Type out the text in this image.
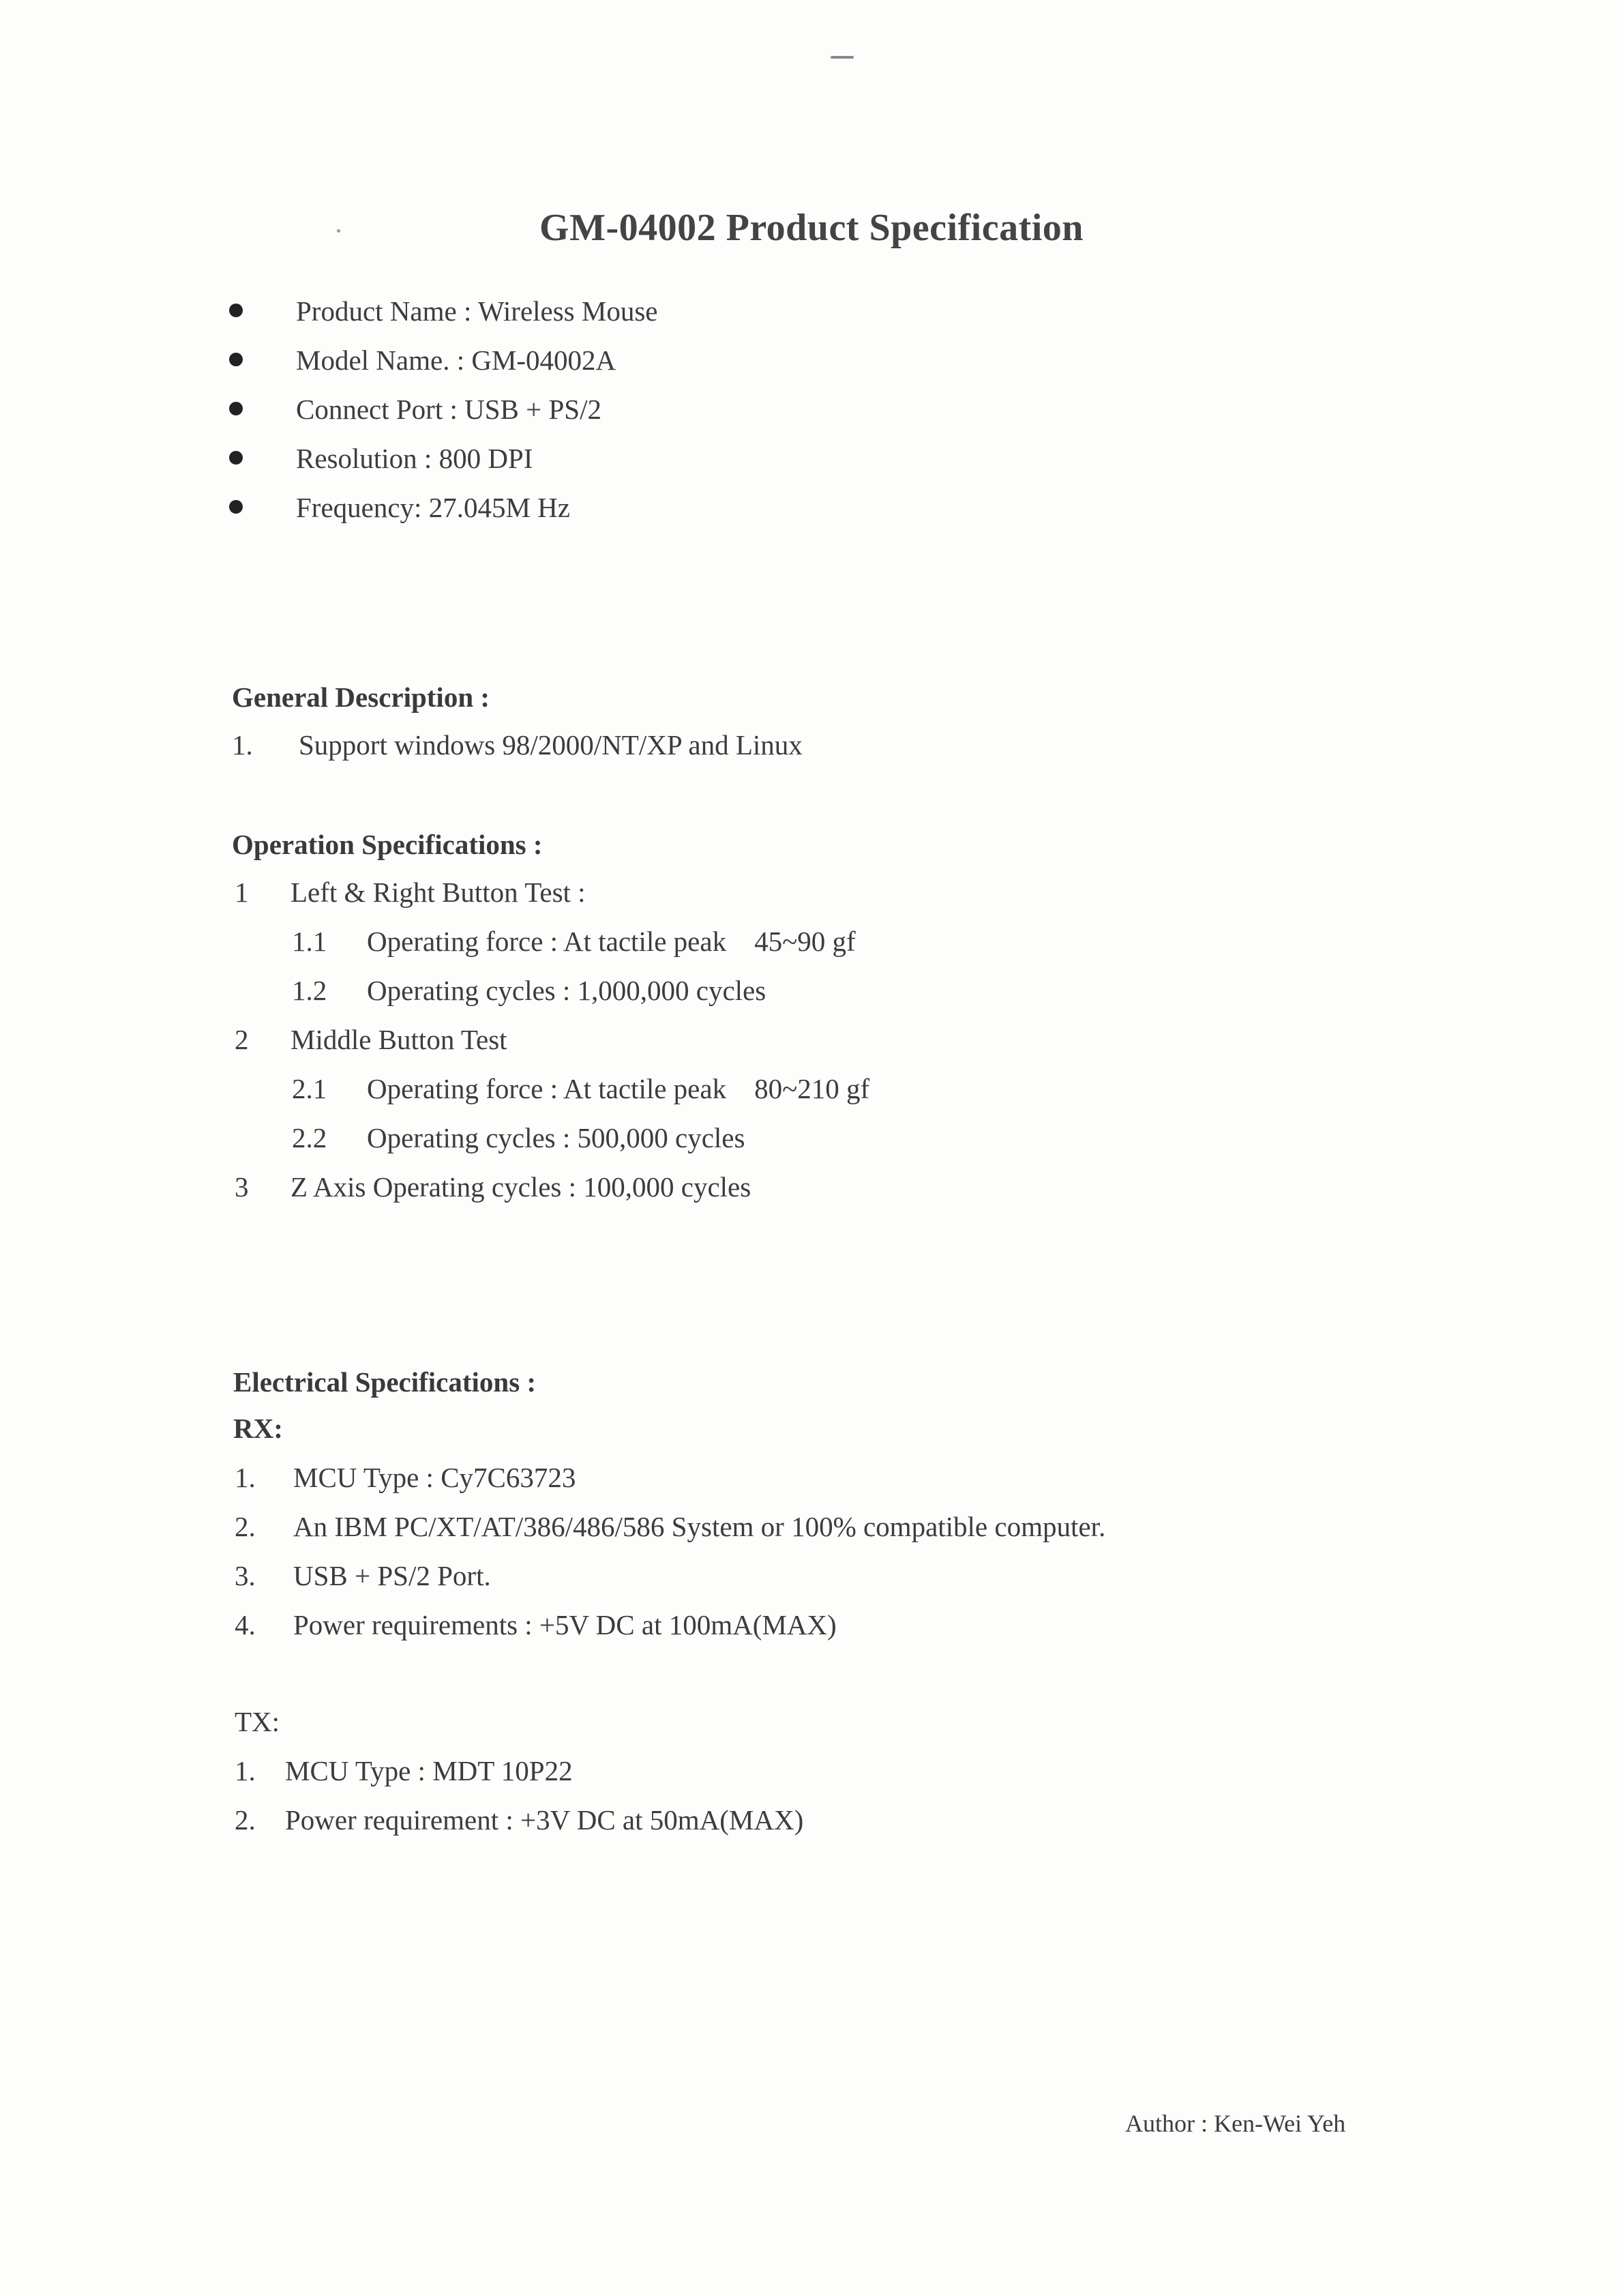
GM-04002 Product Specification
Product Name : Wireless Mouse
Model Name. : GM-04002A
Connect Port : USB + PS/2
Resolution : 800 DPI
Frequency: 27.045M Hz
General Description :
1. Support windows 98/2000/NT/XP and Linux
Operation Specifications :
1 Left & Right Button Test :
1.1 Operating force : At tactile peak    45~90 gf
1.2 Operating cycles : 1,000,000 cycles
2 Middle Button Test
2.1 Operating force : At tactile peak    80~210 gf
2.2 Operating cycles : 500,000 cycles
3 Z Axis Operating cycles : 100,000 cycles
Electrical Specifications :
RX:
1. MCU Type : Cy7C63723
2. An IBM PC/XT/AT/386/486/586 System or 100% compatible computer.
3. USB + PS/2 Port.
4. Power requirements : +5V DC at 100mA(MAX)
TX:
1. MCU Type : MDT 10P22
2. Power requirement : +3V DC at 50mA(MAX)
Author : Ken-Wei Yeh
